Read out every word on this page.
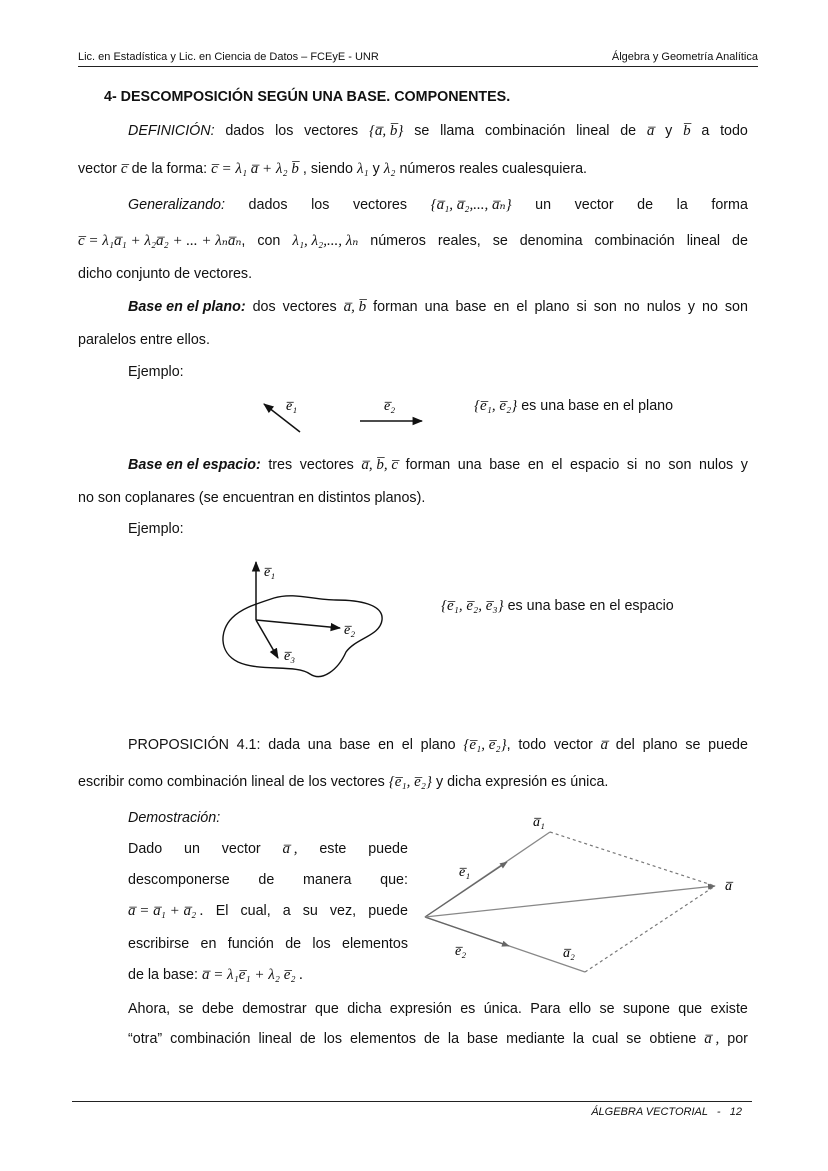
Lic. en Estadística y Lic. en Ciencia de Datos – FCEyE - UNR	Álgebra y Geometría Analítica
4- DESCOMPOSICIÓN SEGÚN UNA BASE. COMPONENTES.
DEFINICIÓN: dados los vectores {a̅, b̅} se llama combinación lineal de a̅ y b̅ a todo
vector c̅ de la forma: c̅ = λ₁ a̅ + λ₂ b̅ , siendo λ₁ y λ₂ números reales cualesquiera.
Generalizando: dados los vectores {a̅₁, a̅₂,..., a̅ₙ} un vector de la forma
c̅ = λ₁a̅₁ + λ₂a̅₂ + ... + λₙa̅ₙ, con λ₁, λ₂,..., λₙ números reales, se denomina combinación lineal de
dicho conjunto de vectores.
Base en el plano: dos vectores a̅, b̅ forman una base en el plano si son no nulos y no son
paralelos entre ellos.
Ejemplo:
e̅₁	e̅₂	{e̅₁, e̅₂} es una base en el plano
Base en el espacio: tres vectores a̅, b̅, c̅ forman una base en el espacio si no son nulos y
no son coplanares (se encuentran en distintos planos).
Ejemplo:
e̅₁
e̅₂
e̅₃
{e̅₁, e̅₂, e̅₃} es una base en el espacio
PROPOSICIÓN 4.1: dada una base en el plano {e̅₁, e̅₂}, todo vector a̅ del plano se puede
escribir como combinación lineal de los vectores {e̅₁, e̅₂} y dicha expresión es única.
Demostración:
Dado un vector a̅ , este puede
descomponerse de manera que:
a̅ = a̅₁ + a̅₂ . El cual, a su vez, puede
escribirse en función de los elementos
de la base: a̅ = λ₁e̅₁ + λ₂ e̅₂ .
Ahora, se debe demostrar que dicha expresión es única. Para ello se supone que existe
“otra” combinación lineal de los elementos de la base mediante la cual se obtiene a̅ , por
a̅₁
e̅₁
a̅
e̅₂	a̅₂
ÁLGEBRA VECTORIAL   -   12
